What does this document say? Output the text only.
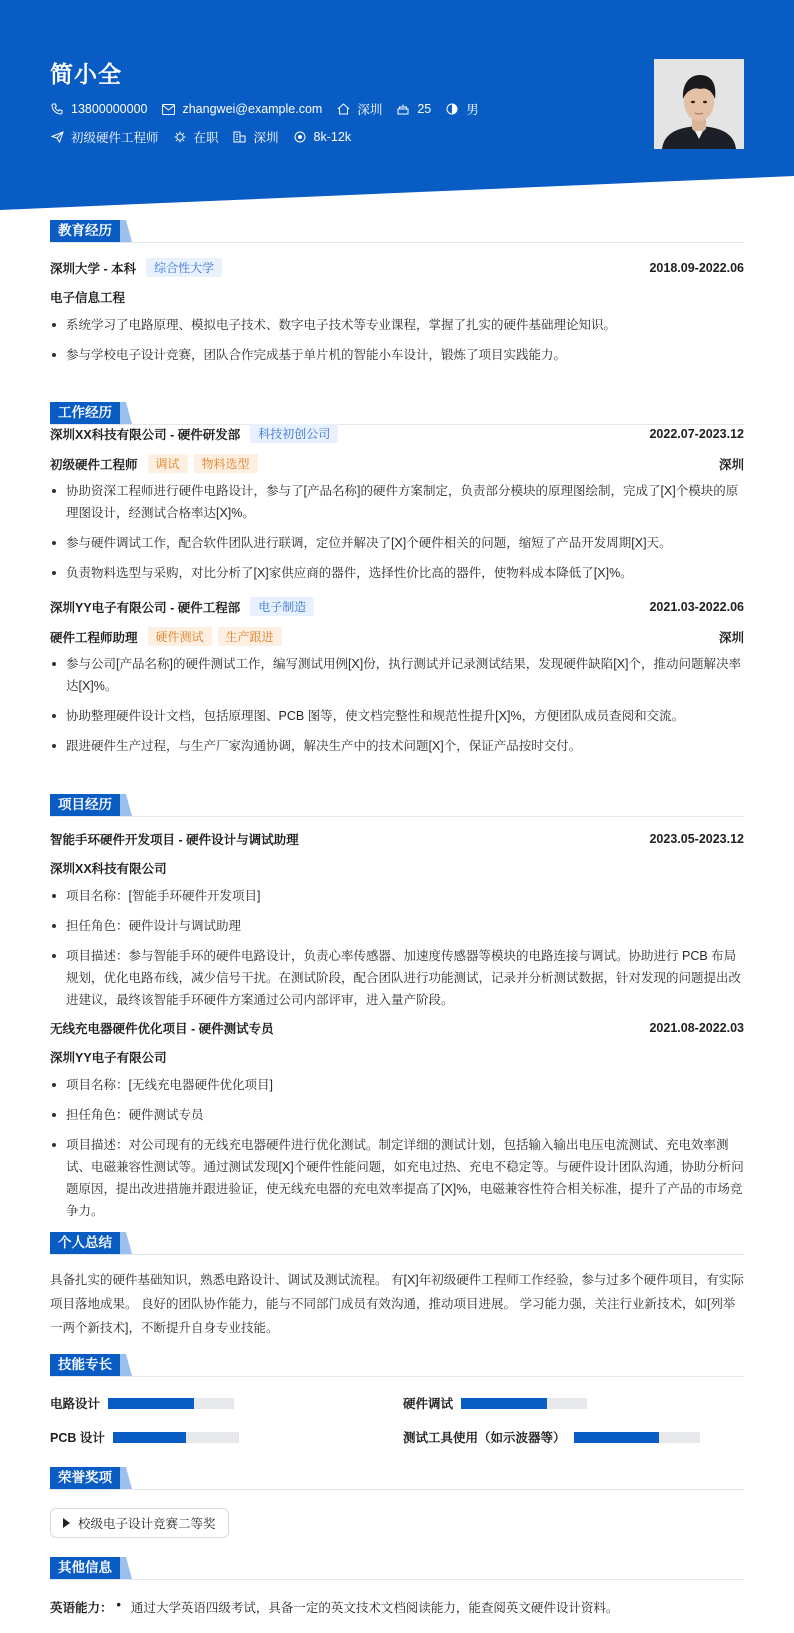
简小全
13800000000	zhangwei@example.com	深圳	25	男
初级硬件工程师	在职	深圳	8k-12k
教育经历
深圳大学 - 本科	综合性大学	2018.09-2022.06
电子信息工程
系统学习了电路原理、模拟电子技术、数字电子技术等专业课程，掌握了扎实的硬件基础理论知识。
参与学校电子设计竞赛，团队合作完成基于单片机的智能小车设计，锻炼了项目实践能力。
工作经历
深圳XX科技有限公司 - 硬件研发部	科技初创公司	2022.07-2023.12
初级硬件工程师	调试	物料选型	深圳
协助资深工程师进行硬件电路设计，参与了[产品名称]的硬件方案制定，负责部分模块的原理图绘制，完成了[X]个模块的原理图设计，经测试合格率达[X]%。
参与硬件调试工作，配合软件团队进行联调，定位并解决了[X]个硬件相关的问题，缩短了产品开发周期[X]天。
负责物料选型与采购，对比分析了[X]家供应商的器件，选择性价比高的器件，使物料成本降低了[X]%。
深圳YY电子有限公司 - 硬件工程部	电子制造	2021.03-2022.06
硬件工程师助理	硬件测试	生产跟进	深圳
参与公司[产品名称]的硬件测试工作，编写测试用例[X]份，执行测试并记录测试结果，发现硬件缺陷[X]个，推动问题解决率达[X]%。
协助整理硬件设计文档，包括原理图、PCB 图等，使文档完整性和规范性提升[X]%，方便团队成员查阅和交流。
跟进硬件生产过程，与生产厂家沟通协调，解决生产中的技术问题[X]个，保证产品按时交付。
项目经历
智能手环硬件开发项目 - 硬件设计与调试助理	2023.05-2023.12
深圳XX科技有限公司
项目名称：[智能手环硬件开发项目]
担任角色：硬件设计与调试助理
项目描述：参与智能手环的硬件电路设计，负责心率传感器、加速度传感器等模块的电路连接与调试。协助进行 PCB 布局规划，优化电路布线，减少信号干扰。在测试阶段，配合团队进行功能测试，记录并分析测试数据，针对发现的问题提出改进建议，最终该智能手环硬件方案通过公司内部评审，进入量产阶段。
无线充电器硬件优化项目 - 硬件测试专员	2021.08-2022.03
深圳YY电子有限公司
项目名称：[无线充电器硬件优化项目]
担任角色：硬件测试专员
项目描述：对公司现有的无线充电器硬件进行优化测试。制定详细的测试计划，包括输入输出电压电流测试、充电效率测试、电磁兼容性测试等。通过测试发现[X]个硬件性能问题，如充电过热、充电不稳定等。与硬件设计团队沟通，协助分析问题原因，提出改进措施并跟进验证，使无线充电器的充电效率提高了[X]%，电磁兼容性符合相关标准，提升了产品的市场竞争力。
个人总结
具备扎实的硬件基础知识，熟悉电路设计、调试及测试流程。 有[X]年初级硬件工程师工作经验，参与过多个硬件项目，有实际项目落地成果。 良好的团队协作能力，能与不同部门成员有效沟通，推动项目进展。 学习能力强，关注行业新技术，如[列举一两个新技术]，不断提升自身专业技能。
技能专长
电路设计	硬件调试
PCB 设计	测试工具使用（如示波器等）
荣誉奖项
校级电子设计竞赛二等奖
其他信息
英语能力： • 通过大学英语四级考试，具备一定的英文技术文档阅读能力，能查阅英文硬件设计资料。
